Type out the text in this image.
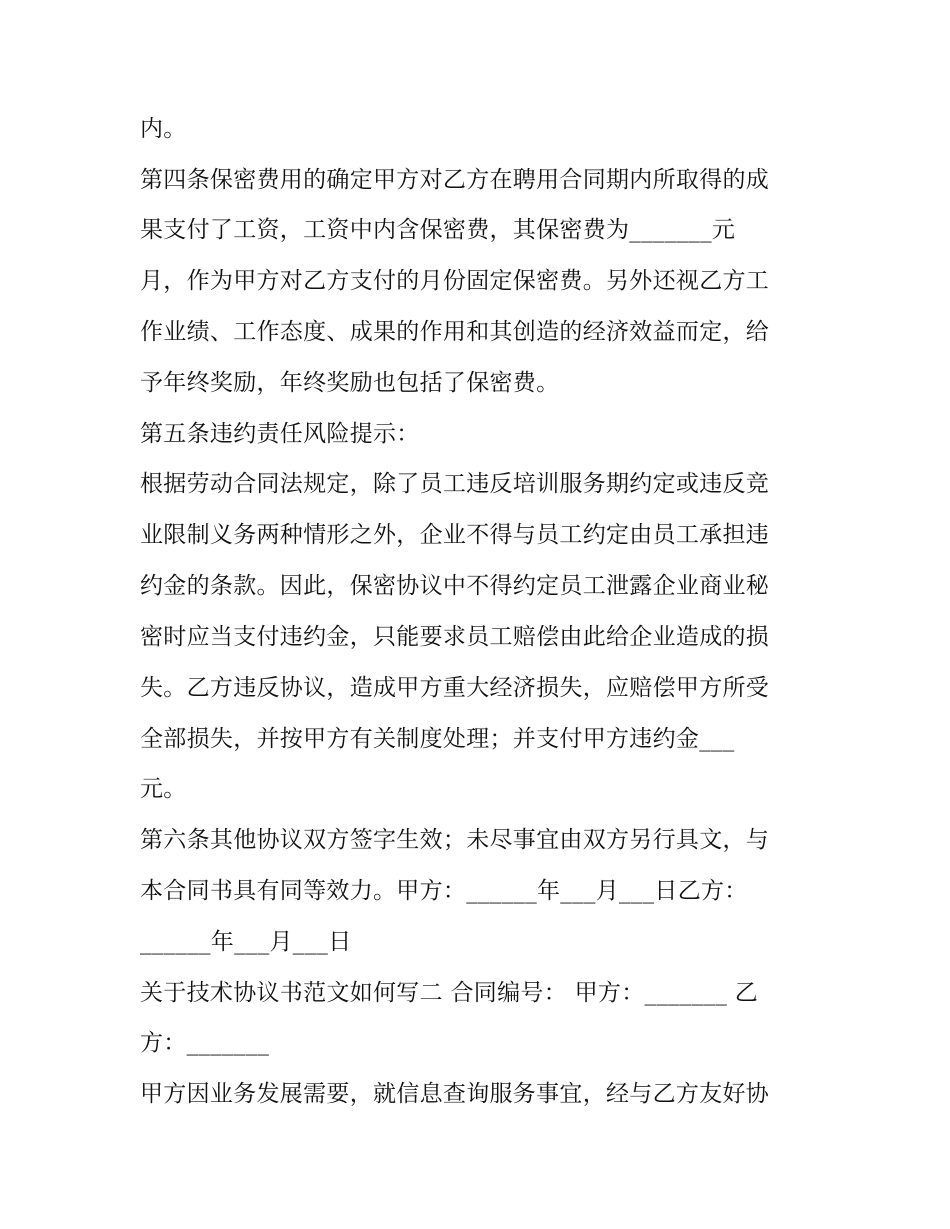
内。

第四条保密费用的确定甲方对乙方在聘用合同期内所取得的成

果支付了工资，工资中内含保密费，其保密费为_______元

月，作为甲方对乙方支付的月份固定保密费。另外还视乙方工

作业绩、工作态度、成果的作用和其创造的经济效益而定，给

予年终奖励，年终奖励也包括了保密费。

第五条违约责任风险提示：

根据劳动合同法规定，除了员工违反培训服务期约定或违反竞

业限制义务两种情形之外，企业不得与员工约定由员工承担违

约金的条款。因此，保密协议中不得约定员工泄露企业商业秘

密时应当支付违约金，只能要求员工赔偿由此给企业造成的损

失。乙方违反协议，造成甲方重大经济损失，应赔偿甲方所受

全部损失，并按甲方有关制度处理；并支付甲方违约金___

元。

第六条其他协议双方签字生效；未尽事宜由双方另行具文，与

本合同书具有同等效力。甲方：______年___月___日乙方：

______年___月___日

关于技术协议书范文如何写二 合同编号： 甲方：_______ 乙

方：_______

甲方因业务发展需要，就信息查询服务事宜，经与乙方友好协
